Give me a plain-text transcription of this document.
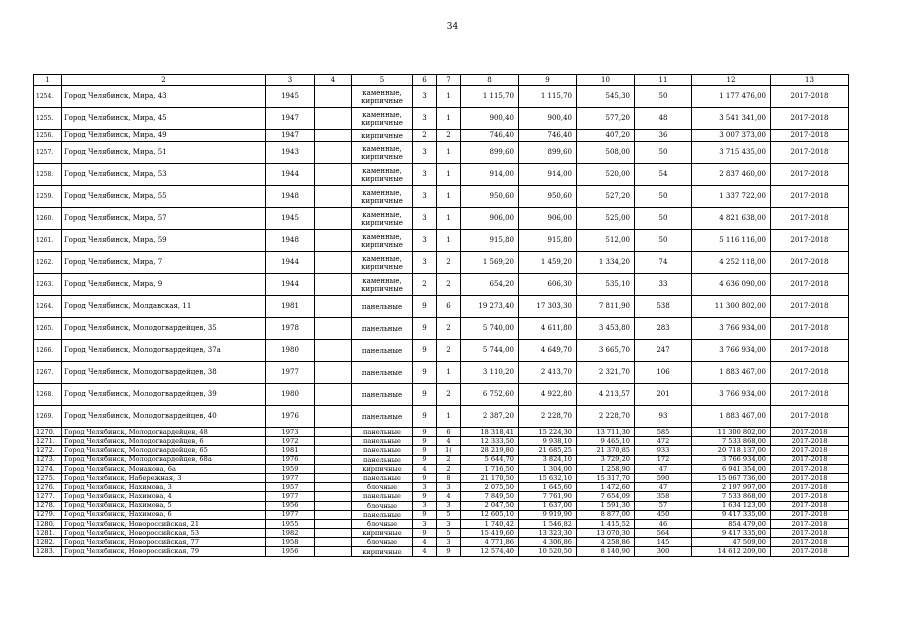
34
1	2	3	4	5	6	7	8	9	10	11	12	13
1254.	Город Челябинск, Мира, 43	1945		каменные, кирпичные	3	1	1 115,70	1 115,70	545,30	50	1 177 476,00	2017-2018
1255.	Город Челябинск, Мира, 45	1947		каменные, кирпичные	3	1	900,40	900,40	577,20	48	3 541 341,00	2017-2018
1256.	Город Челябинск, Мира, 49	1947		кирпичные	2	2	746,40	746,40	407,20	36	3 007 373,00	2017-2018
1257.	Город Челябинск, Мира, 51	1943		каменные, кирпичные	3	1	899,60	899,60	508,00	50	3 715 435,00	2017-2018
1258.	Город Челябинск, Мира, 53	1944		каменные, кирпичные	3	1	914,00	914,00	520,00	54	2 837 460,00	2017-2018
1259.	Город Челябинск, Мира, 55	1948		каменные, кирпичные	3	1	950,60	950,60	527,20	50	1 337 722,00	2017-2018
1260.	Город Челябинск, Мира, 57	1945		каменные, кирпичные	3	1	906,00	906,00	525,00	50	4 821 638,00	2017-2018
1261.	Город Челябинск, Мира, 59	1948		каменные, кирпичные	3	1	915,80	915,80	512,00	50	5 116 116,00	2017-2018
1262.	Город Челябинск, Мира, 7	1944		каменные, кирпичные	3	2	1 569,20	1 459,20	1 334,20	74	4 252 118,00	2017-2018
1263.	Город Челябинск, Мира, 9	1944		каменные, кирпичные	2	2	654,20	606,30	535,10	33	4 636 090,00	2017-2018
1264.	Город Челябинск, Молдавская, 11	1981		панельные	9	6	19 273,40	17 303,30	7 811,90	538	11 300 802,00	2017-2018
1265.	Город Челябинск, Молодогвардейцев, 35	1978		панельные	9	2	5 740,00	4 611,80	3 453,80	283	3 766 934,00	2017-2018
1266.	Город Челябинск, Молодогвардейцев, 37а	1980		панельные	9	2	5 744,00	4 649,70	3 665,70	247	3 766 934,00	2017-2018
1267.	Город Челябинск, Молодогвардейцев, 38	1977		панельные	9	1	3 110,20	2 413,70	2 321,70	106	1 883 467,00	2017-2018
1268.	Город Челябинск, Молодогвардейцев, 39	1980		панельные	9	2	6 752,60	4 922,80	4 213,57	201	3 766 934,00	2017-2018
1269.	Город Челябинск, Молодогвардейцев, 40	1976		панельные	9	1	2 387,20	2 228,70	2 228,70	93	1 883 467,00	2017-2018
1270.	Город Челябинск, Молодогвардейцев, 48	1973		панельные	9	6	18 318,41	15 224,30	13 711,30	585	11 300 802,00	2017-2018
1271.	Город Челябинск, Молодогвардейцев, 6	1972		панельные	9	4	12 333,50	9 938,10	9 465,10	472	7 533 868,00	2017-2018
1272.	Город Челябинск, Молодогвардейцев, 65	1981		панельные	9	1(	28 219,80	21 685,25	21 370,85	933	20 718 137,00	2017-2018
1273.	Город Челябинск, Молодогвардейцев, 68а	1976		панельные	9	2	5 644,70	3 824,10	3 729,20	172	3 766 934,00	2017-2018
1274.	Город Челябинск, Монакова, 6а	1959		кирпичные	4	2	1 716,50	1 304,00	1 258,90	47	6 941 354,00	2017-2018
1275.	Город Челябинск, Набережная, 3	1977		панельные	9	8	21 170,50	15 632,10	15 317,70	590	15 067 736,00	2017-2018
1276.	Город Челябинск, Нахимова, 3	1957		блочные	3	3	2 075,50	1 645,60	1 472,60	47	2 197 997,00	2017-2018
1277.	Город Челябинск, Нахимова, 4	1977		панельные	9	4	7 849,50	7 761,90	7 654,09	358	7 533 868,00	2017-2018
1278.	Город Челябинск, Нахимова, 5	1956		блочные	3	3	2 047,50	1 637,00	1 591,30	57	1 634 123,00	2017-2018
1279.	Город Челябинск, Нахимова, 6	1977		панельные	9	5	12 605,10	9 919,90	8 877,00	450	9 417 335,00	2017-2018
1280.	Город Челябинск, Новороссийская, 21	1955		блочные	3	3	1 740,42	1 546,82	1 415,52	46	854 479,00	2017-2018
1281.	Город Челябинск, Новороссийская, 53	1982		кирпичные	9	5	15 419,60	13 323,30	13 070,30	564	9 417 335,00	2017-2018
1282.	Город Челябинск, Новороссийская, 77	1958		блочные	4	3	4 771,86	4 306,86	4 258,86	145	47 509,00	2017-2018
1283.	Город Челябинск, Новороссийская, 79	1956		кирпичные	4	9	12 574,40	10 520,50	8 140,90	300	14 612 209,00	2017-2018
